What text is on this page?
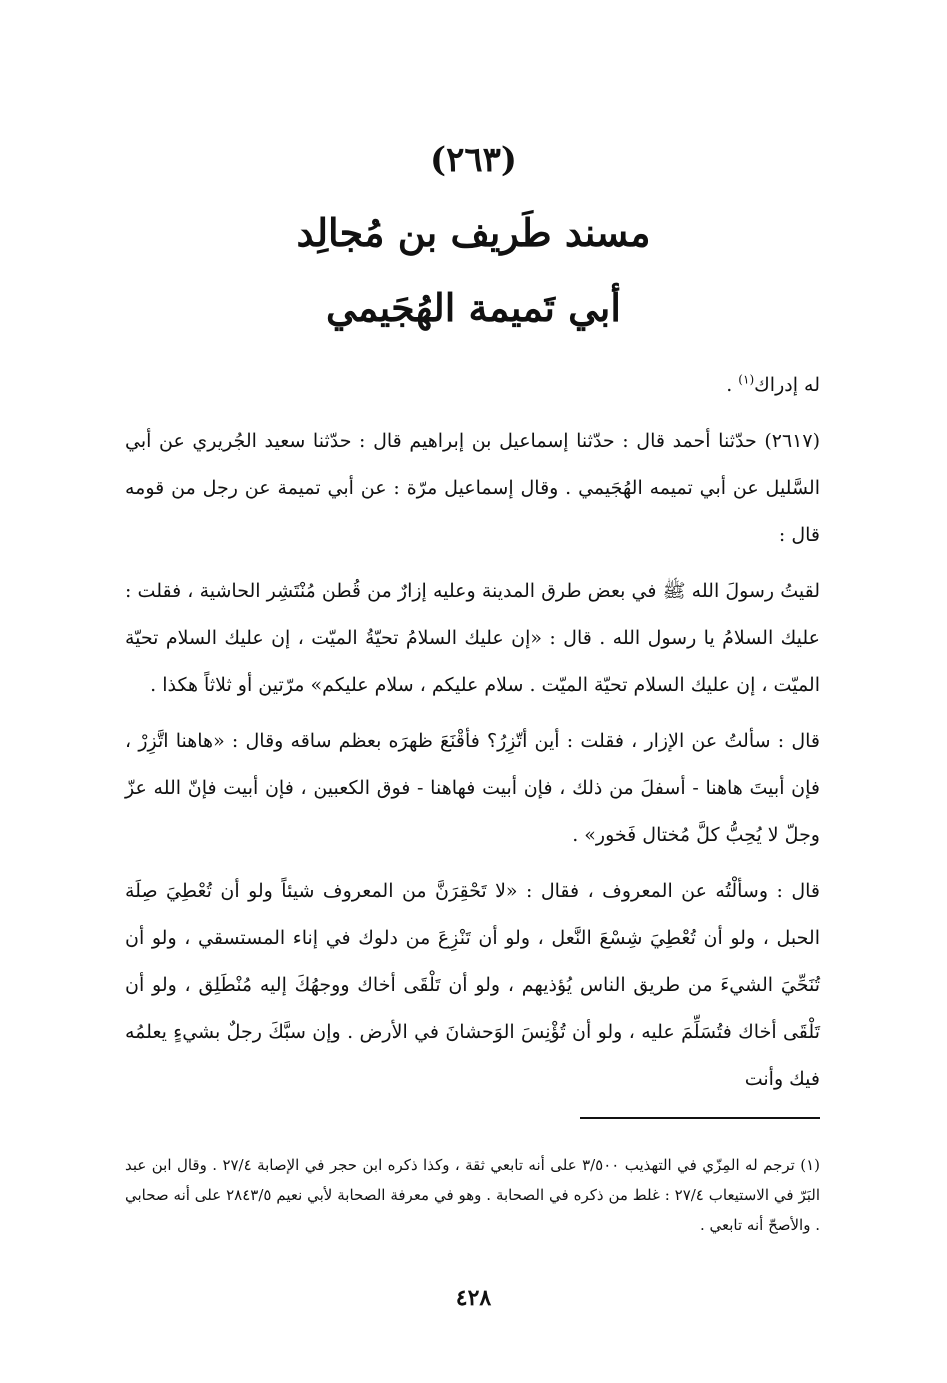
(٢٦٣)
مسند طَريف بن مُجالِد
أبي تَميمة الهُجَيمي

له إدراك$^{(١)}$ .

(٢٦١٧) حدّثنا أحمد قال : حدّثنا إسماعيل بن إبراهيم قال : حدّثنا سعيد الجُريري عن أبي السَّليل عن أبي تميمه الهُجَيمي . وقال إسماعيل مرّة : عن أبي تميمة عن رجل من قومه قال :

لقيتُ رسولَ الله ﷺ في بعض طرق المدينة وعليه إزارٌ من قُطن مُنْتَشِر الحاشية ، فقلت : عليك السلامُ يا رسول الله . قال : «إن عليك السلامُ تحيّةُ الميّت ، إن عليك السلام تحيّة الميّت ، إن عليك السلام تحيّة الميّت . سلام عليكم ، سلام عليكم» مرّتين أو ثلاثاً هكذا .

قال : سألتُ عن الإزار ، فقلت : أين أتّزِرُ؟ فأقْنَعَ ظهرَه بعظم ساقه وقال : «هاهنا اتَّزِرْ ، فإن أبيتَ هاهنا - أسفلَ من ذلك ، فإن أبيت فهاهنا - فوق الكعبين ، فإن أبيت فإنّ الله عزّ وجلّ لا يُحِبُّ كلَّ مُختال فَخور» .

قال : وسألْتُه عن المعروف ، فقال : «لا تَحْقِرَنَّ من المعروف شيئاً ولو أن تُعْطِيَ صِلَة الحبل ، ولو أن تُعْطِيَ شِسْعَ النَّعل ، ولو أن تَنْزِعَ من دلوك في إناء المستسقي ، ولو أن تُنَحِّيَ الشيءَ من طريق الناس يُؤذيهم ، ولو أن تَلْقَى أخاك ووجهُكَ إليه مُنْطَلِق ، ولو أن تَلْقَى أخاك فتُسَلِّمَ عليه ، ولو أن تُؤْنِسَ الوَحشانَ في الأرض . وإن سبَّكَ رجلٌ بشيءٍ يعلمُه فيك وأنت

(١) ترجم له المِزّي في التهذيب ٣/٥٠٠ على أنه تابعي ثقة ، وكذا ذكره ابن حجر في الإصابة ٢٧/٤ . وقال ابن عبد البَرّ في الاستيعاب ٢٧/٤ : غلط من ذكره في الصحابة . وهو في معرفة الصحابة لأبي نعيم ٢٨٤٣/٥ على أنه صحابي . والأصحّ أنه تابعي .
٤٢٨
